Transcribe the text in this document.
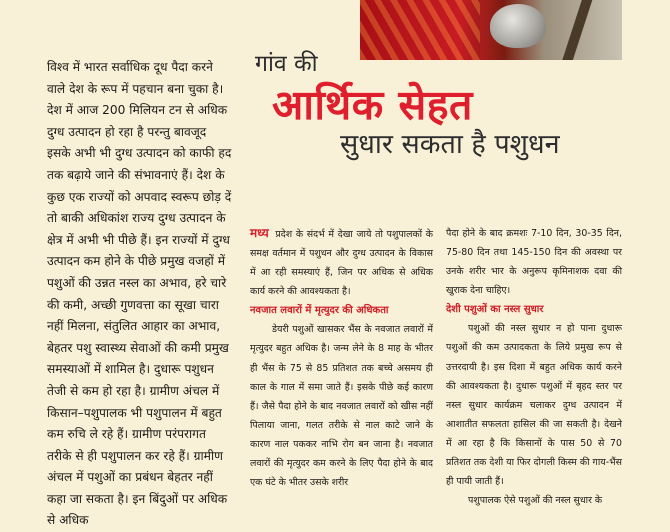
गांव की
आर्थिक सेहत
सुधार सकता है पशुधन

विश्व में भारत सर्वाधिक दूध पैदा करने वाले देश के रूप में पहचान बना चुका है। देश में आज 200 मिलियन टन से अधिक दुग्ध उत्पादन हो रहा है परन्तु बावजूद इसके अभी भी दुग्ध उत्पादन को काफी हद तक बढ़ाये जाने की संभावनाएं हैं। देश के कुछ एक राज्यों को अपवाद स्वरूप छोड़ दें तो बाकी अधिकांश राज्य दुग्ध उत्पादन के क्षेत्र में अभी भी पीछे हैं। इन राज्यों में दुग्ध उत्पादन कम होने के पीछे प्रमुख वजहों में पशुओं की उन्नत नस्ल का अभाव, हरे चारे की कमी, अच्छी गुणवत्ता का सूखा चारा नहीं मिलना, संतुलित आहार का अभाव, बेहतर पशु स्वास्थ्य सेवाओं की कमी प्रमुख समस्याओं में शामिल है। दुधारू पशुधन तेजी से कम हो रहा है। ग्रामीण अंचल में किसान–पशुपालक भी पशुपालन में बहुत कम रुचि ले रहे हैं। ग्रामीण परंपरागत तरीके से ही पशुपालन कर रहे हैं। ग्रामीण अंचल में पशुओं का प्रबंधन बेहतर नहीं कहा जा सकता है। इन बिंदुओं पर अधिक से अधिक

मध्य प्रदेश के संदर्भ में देखा जाये तो पशुपालकों के समक्ष वर्तमान में पशुधन और दुग्ध उत्पादन के विकास में आ रही समस्याएं हैं, जिन पर अधिक से अधिक कार्य करने की आवश्यकता है।

नवजात लवारों में मृत्युदर की अधिकता

डेयरी पशुओं खासकर भैंस के नवजात लवारों में मृत्युदर बहुत अधिक है। जन्म लेने के 8 माह के भीतर ही भैंस के 75 से 85 प्रतिशत तक बच्चे असमय ही काल के गाल में समा जाते हैं। इसके पीछे कई कारण हैं। जैसे पैदा होने के बाद नवजात लवारों को खीस नहीं पिलाया जाना, गलत तरीके से नाल काटे जाने के कारण नाल पककर नाभि रोग बन जाना है। नवजात लवारों की मृत्युदर कम करने के लिए पैदा होने के बाद एक घंटे के भीतर उसके शरीर

पैदा होने के बाद क्रमशः 7-10 दिन, 30-35 दिन, 75-80 दिन तथा 145-150 दिन की अवस्था पर उनके शरीर भार के अनुरूप कृमिनाशक दवा की खुराक देना चाहिए।

देशी पशुओं का नस्ल सुधार

पशुओं की नस्ल सुधार न हो पाना दुधारू पशुओं की कम उत्पादकता के लिये प्रमुख रूप से उत्तरदायी है। इस दिशा में बहुत अधिक कार्य करने की आवश्यकता है। दुधारू पशुओं में बृहद स्तर पर नस्ल सुधार कार्यक्रम चलाकर दुग्ध उत्पादन में आशातीत सफलता हासिल की जा सकती है। देखने में आ रहा है कि किसानों के पास 50 से 70 प्रतिशत तक देशी या फिर दोगली किस्म की गाय-भैंस ही पायी जाती हैं।

पशुपालक ऐसे पशुओं की नस्ल सुधार के
